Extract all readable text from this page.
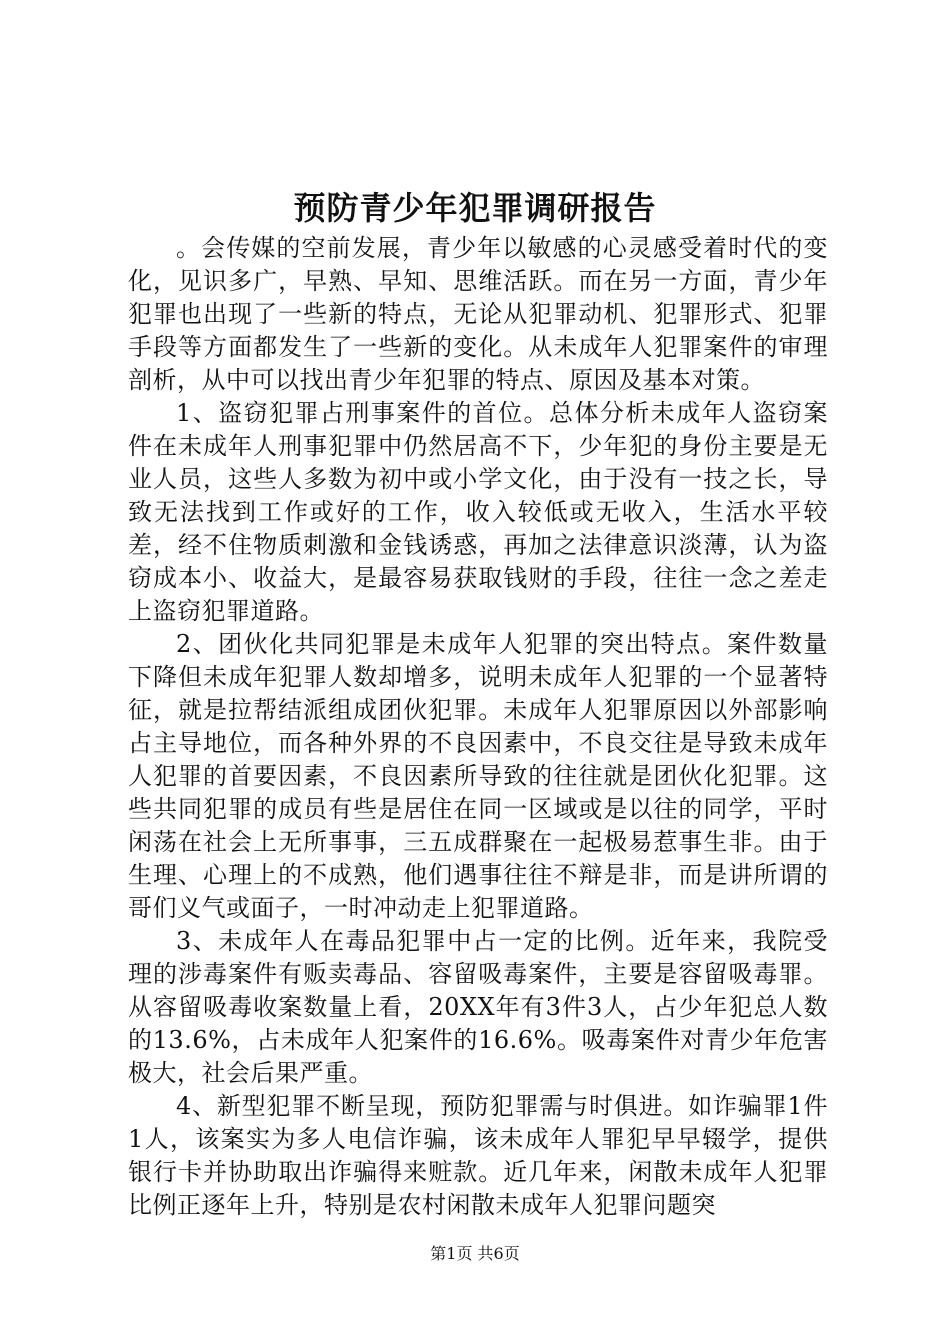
预防青少年犯罪调研报告

。会传媒的空前发展，青少年以敏感的心灵感受着时代的变化，见识多广，早熟、早知、思维活跃。而在另一方面，青少年犯罪也出现了一些新的特点，无论从犯罪动机、犯罪形式、犯罪手段等方面都发生了一些新的变化。从未成年人犯罪案件的审理剖析，从中可以找出青少年犯罪的特点、原因及基本对策。

1、盗窃犯罪占刑事案件的首位。总体分析未成年人盗窃案件在未成年人刑事犯罪中仍然居高不下，少年犯的身份主要是无业人员，这些人多数为初中或小学文化，由于没有一技之长，导致无法找到工作或好的工作，收入较低或无收入，生活水平较差，经不住物质刺激和金钱诱惑，再加之法律意识淡薄，认为盗窃成本小、收益大，是最容易获取钱财的手段，往往一念之差走上盗窃犯罪道路。

2、团伙化共同犯罪是未成年人犯罪的突出特点。案件数量下降但未成年犯罪人数却增多，说明未成年人犯罪的一个显著特征，就是拉帮结派组成团伙犯罪。未成年人犯罪原因以外部影响占主导地位，而各种外界的不良因素中，不良交往是导致未成年人犯罪的首要因素，不良因素所导致的往往就是团伙化犯罪。这些共同犯罪的成员有些是居住在同一区域或是以往的同学，平时闲荡在社会上无所事事，三五成群聚在一起极易惹事生非。由于生理、心理上的不成熟，他们遇事往往不辩是非，而是讲所谓的哥们义气或面子，一时冲动走上犯罪道路。

3、未成年人在毒品犯罪中占一定的比例。近年来，我院受理的涉毒案件有贩卖毒品、容留吸毒案件，主要是容留吸毒罪。从容留吸毒收案数量上看，20XX年有3件3人，占少年犯总人数的13.6%，占未成年人犯案件的16.6%。吸毒案件对青少年危害极大，社会后果严重。

4、新型犯罪不断呈现，预防犯罪需与时俱进。如诈骗罪1件1人，该案实为多人电信诈骗，该未成年人罪犯早早辍学，提供银行卡并协助取出诈骗得来赃款。近几年来，闲散未成年人犯罪比例正逐年上升，特别是农村闲散未成年人犯罪问题突

第1页 共6页
